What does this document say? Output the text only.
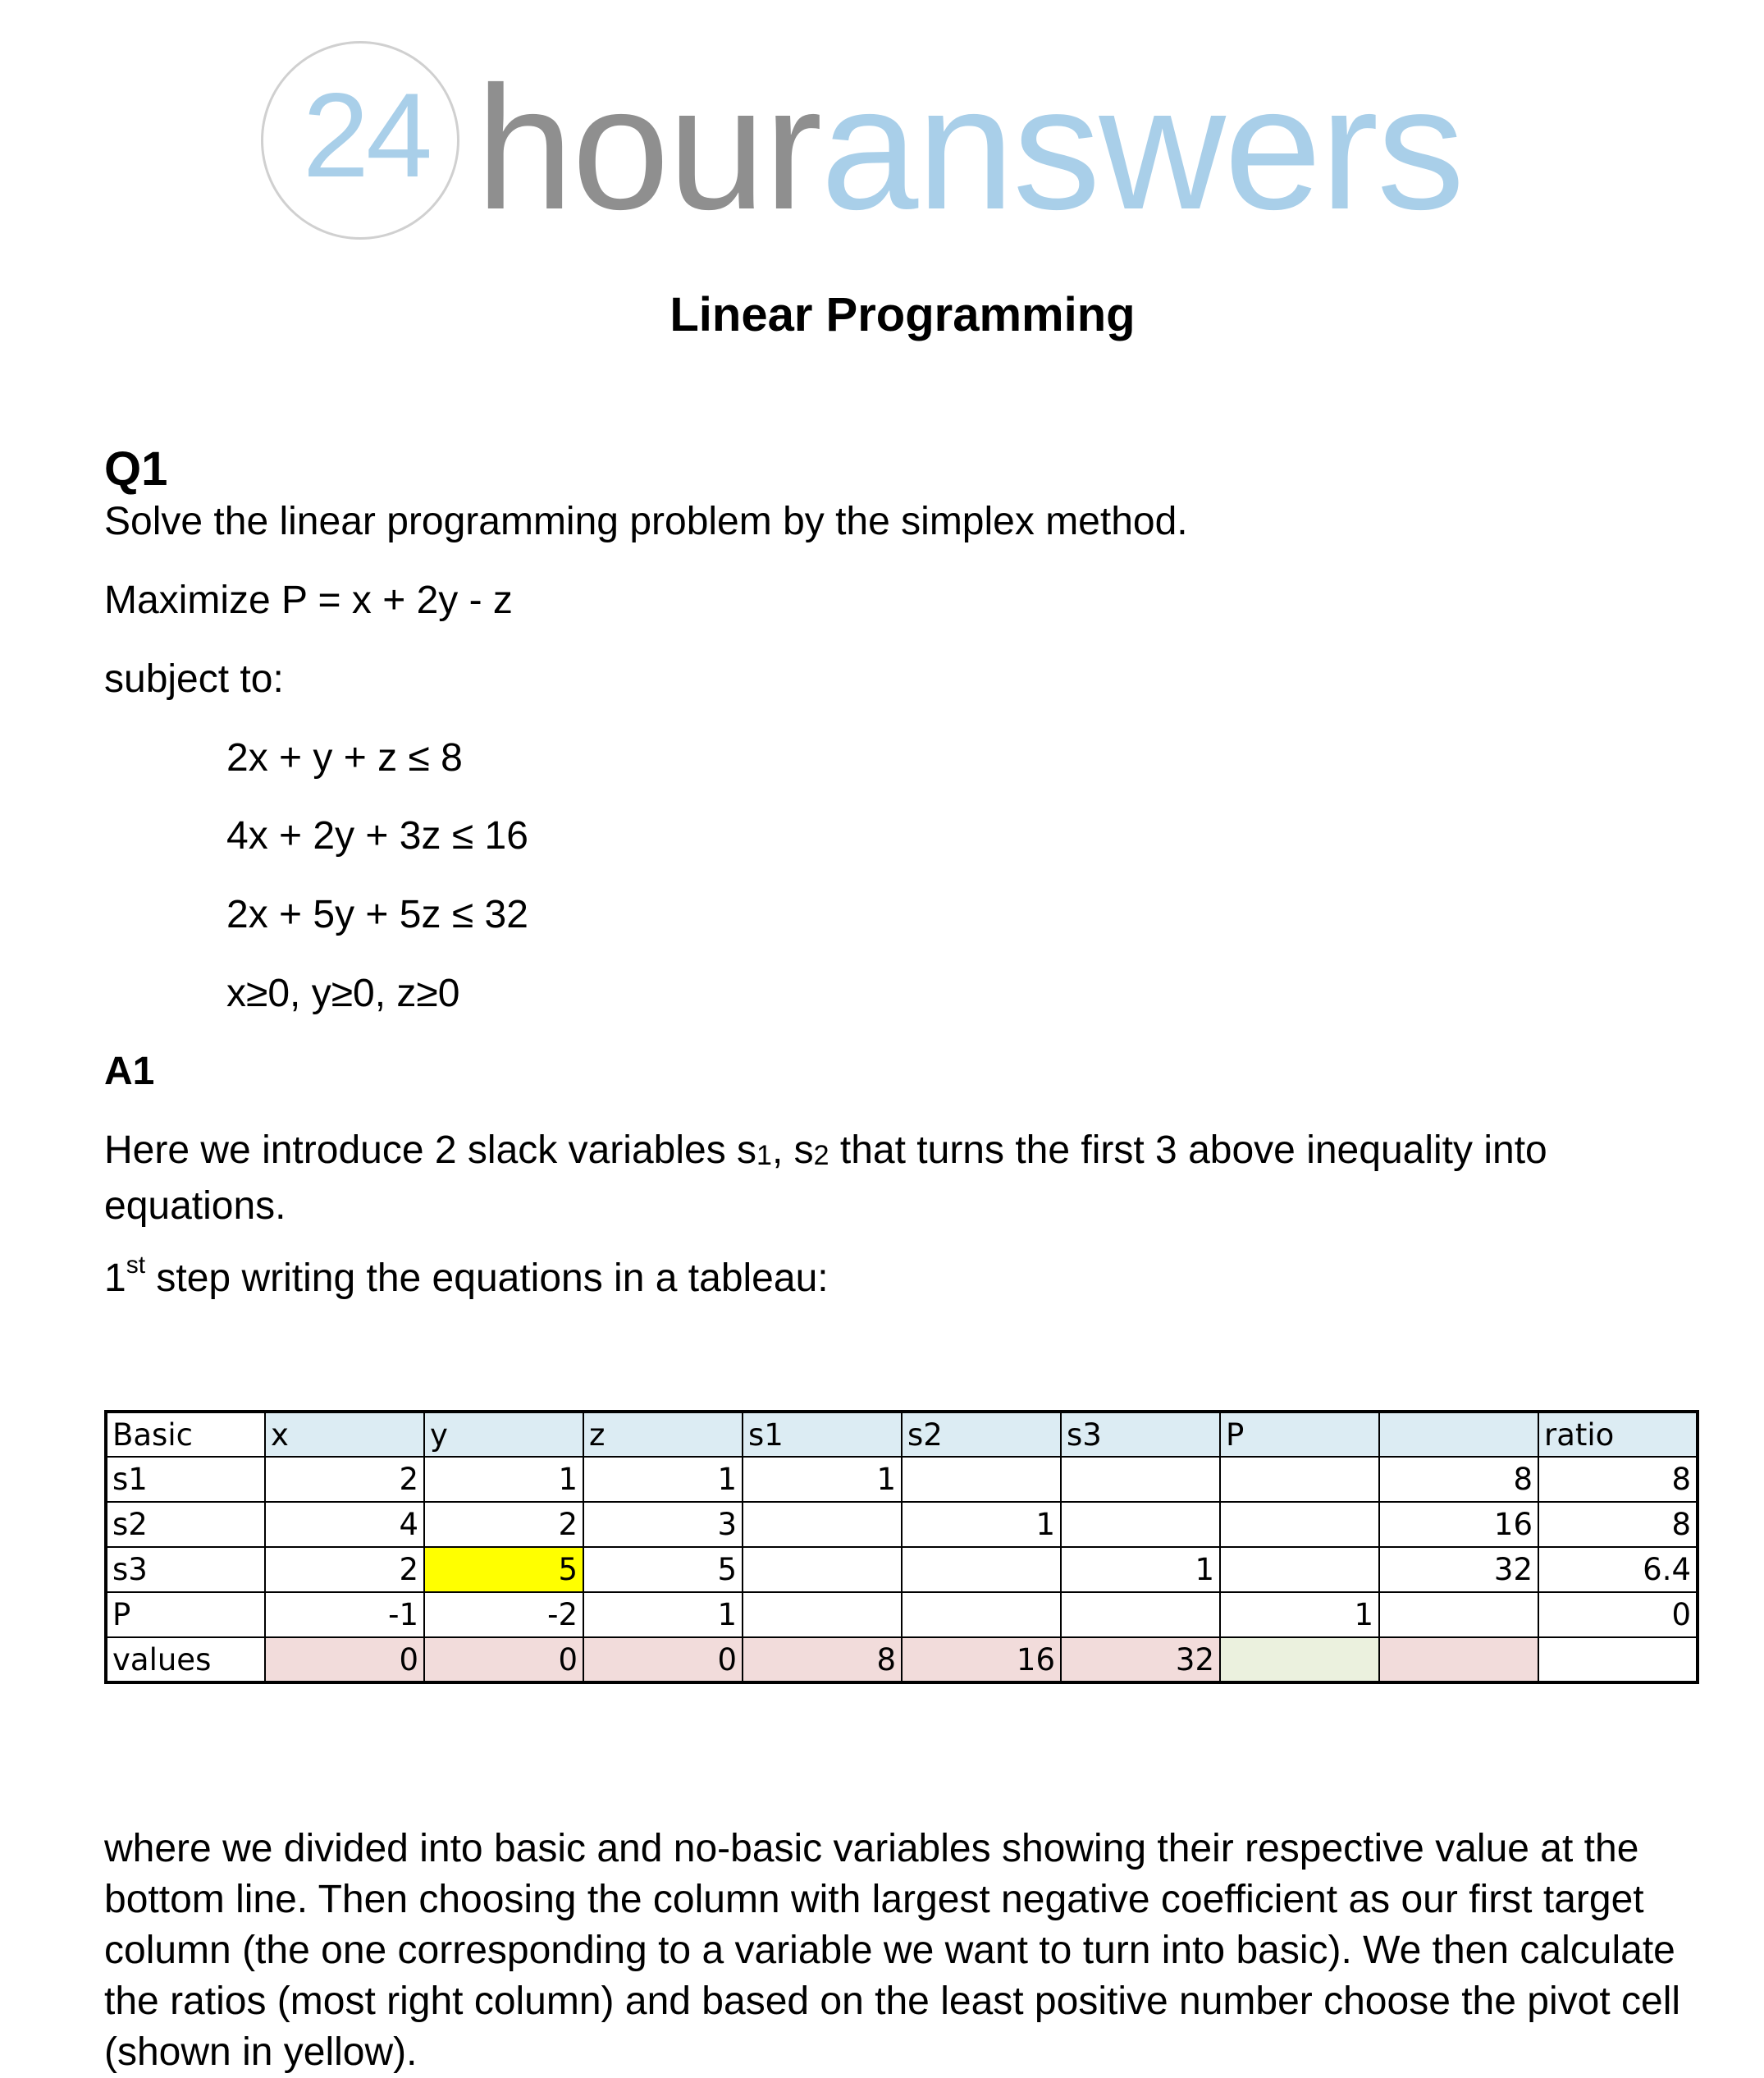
24 houranswers
Linear Programming
Q1
Solve the linear programming problem by the simplex method.
Maximize P = x + 2y - z
subject to:
2x + y + z ≤ 8
4x + 2y + 3z ≤ 16
2x + 5y + 5z ≤ 32
x≥0, y≥0, z≥0
A1
Here we introduce 2 slack variables $s_1$, $s_2$ that turns the first 3 above inequality into equations.
1st step writing the equations in a tableau:
Basic	x	y	z	s1	s2	s3	P		ratio
s1	2	1	1	1				8	8
s2	4	2	3		1			16	8
s3	2	5	5			1		32	6.4
P	-1	-2	1				1		0
values	0	0	0	8	16	32			
where we divided into basic and no-basic variables showing their respective value at the bottom line. Then choosing the column with largest negative coefficient as our first target column (the one corresponding to a variable we want to turn into basic). We then calculate the ratios (most right column) and based on the least positive number choose the pivot cell (shown in yellow).
